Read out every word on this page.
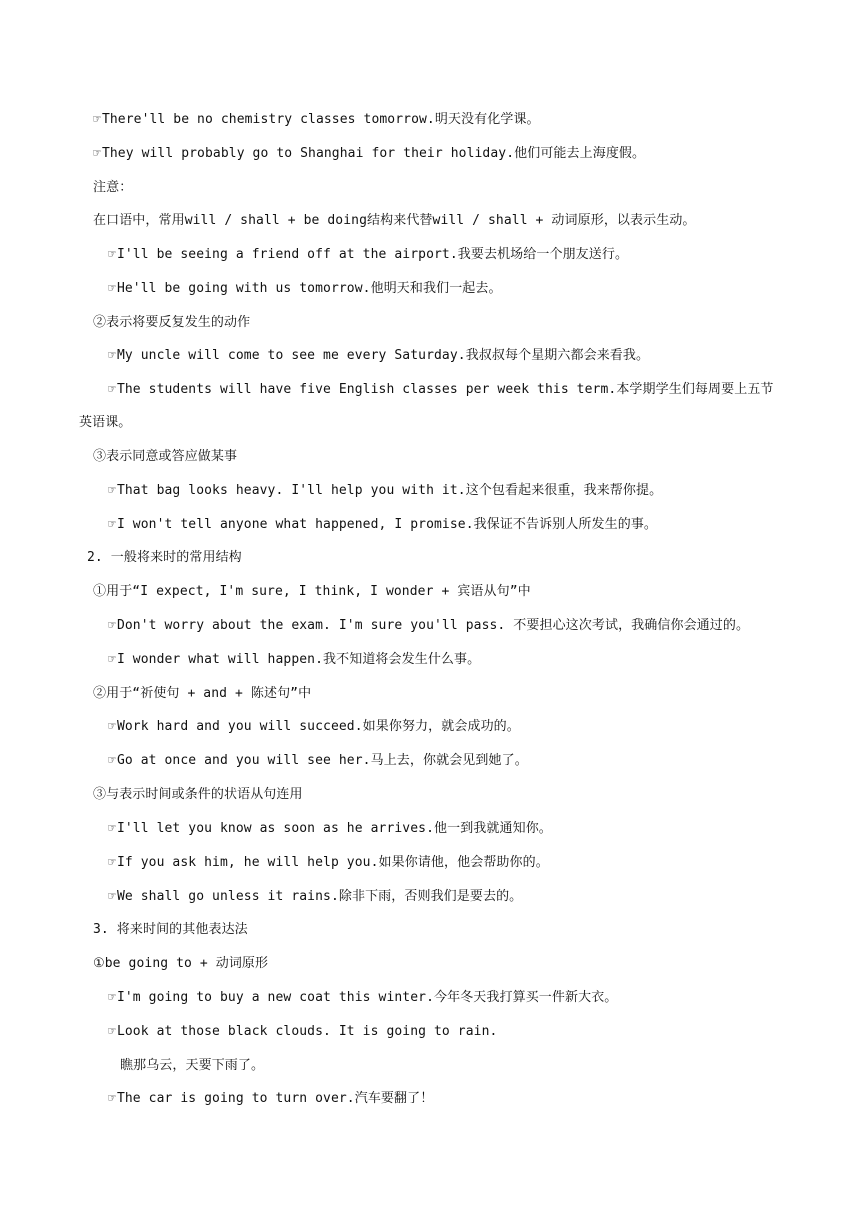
☞There'll be no chemistry classes tomorrow.明天没有化学课。
☞They will probably go to Shanghai for their holiday.他们可能去上海度假。
注意：
在口语中，常用will / shall + be doing结构来代替will / shall + 动词原形，以表示生动。
☞I'll be seeing a friend off at the airport.我要去机场给一个朋友送行。
☞He'll be going with us tomorrow.他明天和我们一起去。
②表示将要反复发生的动作
☞My uncle will come to see me every Saturday.我叔叔每个星期六都会来看我。
☞The students will have five English classes per week this term.本学期学生们每周要上五节
英语课。
③表示同意或答应做某事
☞That bag looks heavy. I'll help you with it.这个包看起来很重，我来帮你提。
☞I won't tell anyone what happened, I promise.我保证不告诉别人所发生的事。
2. 一般将来时的常用结构
①用于“I expect, I'm sure, I think, I wonder + 宾语从句”中
☞Don't worry about the exam. I'm sure you'll pass. 不要担心这次考试，我确信你会通过的。
☞I wonder what will happen.我不知道将会发生什么事。
②用于“祈使句 + and + 陈述句”中
☞Work hard and you will succeed.如果你努力，就会成功的。
☞Go at once and you will see her.马上去，你就会见到她了。
③与表示时间或条件的状语从句连用
☞I'll let you know as soon as he arrives.他一到我就通知你。
☞If you ask him, he will help you.如果你请他，他会帮助你的。
☞We shall go unless it rains.除非下雨，否则我们是要去的。
3. 将来时间的其他表达法
①be going to + 动词原形
☞I'm going to buy a new coat this winter.今年冬天我打算买一件新大衣。
☞Look at those black clouds. It is going to rain.
瞧那乌云，天要下雨了。
☞The car is going to turn over.汽车要翻了！
